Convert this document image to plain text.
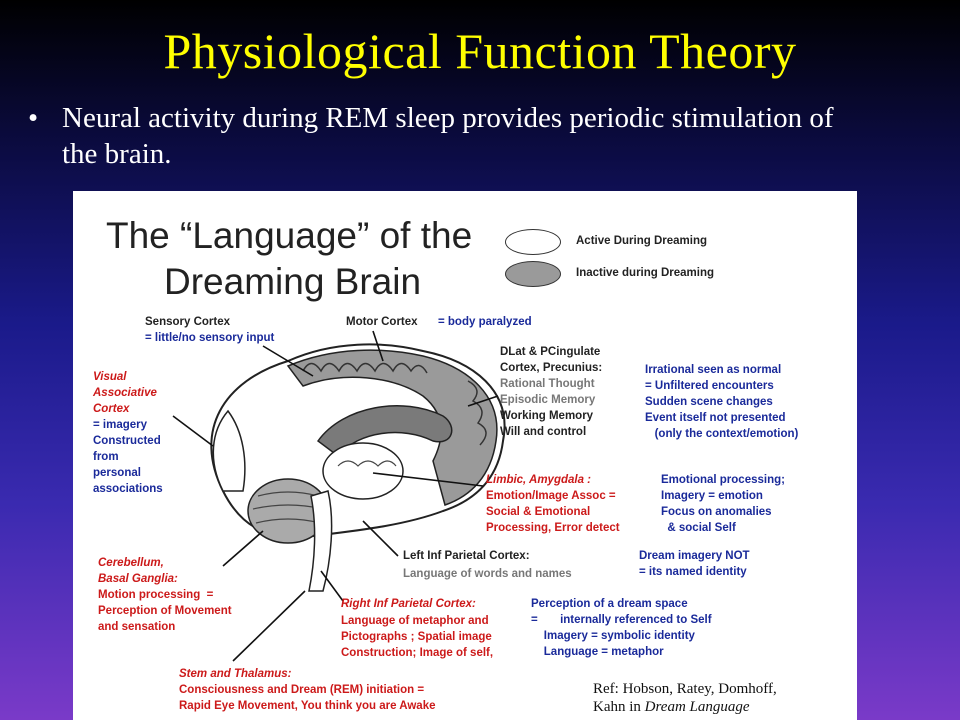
Physiological Function Theory
• Neural activity during REM sleep provides periodic stimulation of the brain.
The “Language” of the
Dreaming Brain
Active During Dreaming
Inactive during Dreaming
Sensory Cortex
= little/no sensory input
Motor Cortex = body paralyzed
Visual
Associative
Cortex
= imagery
Constructed
from
personal
associations
DLat & PCingulate
Cortex, Precunius:
Rational Thought
Episodic Memory
Working Memory
Will and control
Irrational seen as normal
= Unfiltered encounters
Sudden scene changes
Event itself not presented
(only the context/emotion)
Limbic, Amygdala :
Emotion/Image Assoc =
Social & Emotional
Processing, Error detect
Emotional processing;
Imagery = emotion
Focus on anomalies
& social Self
Left Inf Parietal Cortex:
Language of words and names
Dream imagery NOT
= its named identity
Right Inf Parietal Cortex:
Language of metaphor and
Pictographs ; Spatial image
Construction; Image of self,
Perception of a dream space
=       internally referenced to Self
Imagery = symbolic identity
Language = metaphor
Cerebellum,
Basal Ganglia:
Motion processing  =
Perception of Movement
and sensation
Stem and Thalamus:
Consciousness and Dream (REM) initiation =
Rapid Eye Movement, You think you are Awake
Ref: Hobson, Ratey, Domhoff,
Kahn in Dream Language
